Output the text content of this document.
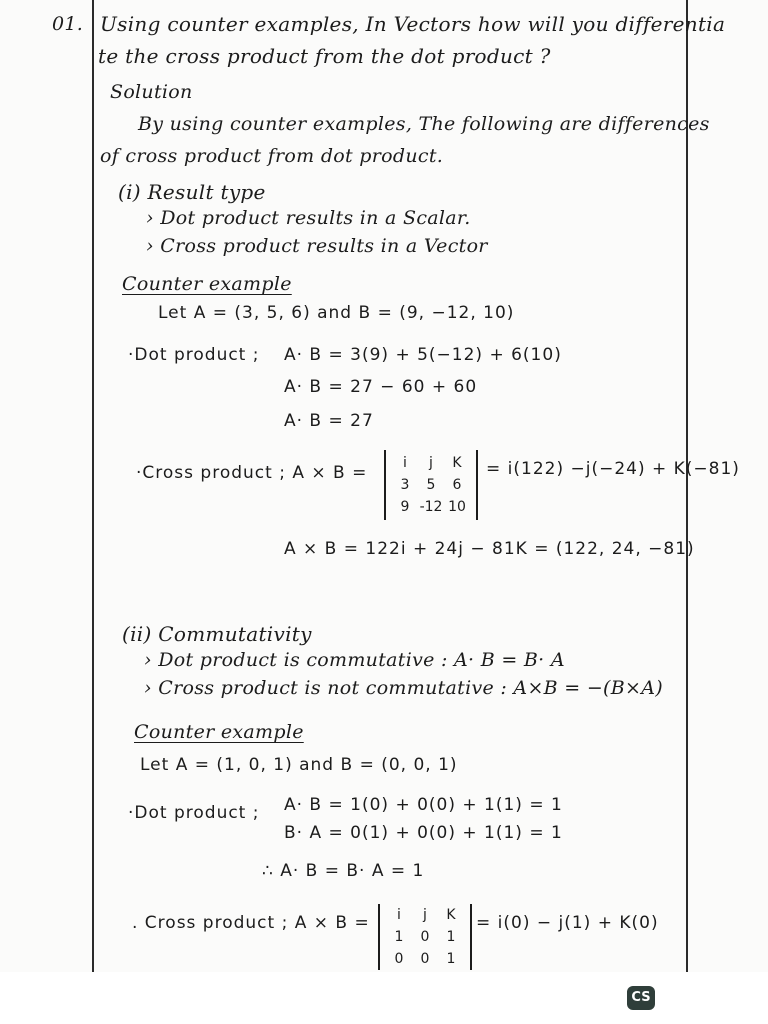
01. Using counter examples, In Vectors how will you differentia
te the cross product from the dot product ?
Solution
By using counter examples, The following are differences
of cross product from dot product.
(i) Result type
› Dot product results in a Scalar.
› Cross product results in a Vector
Counter example
Let A = (3, 5, 6) and B = (9, −12, 10)
·Dot product ; A· B = 3(9) + 5(−12) + 6(10)
A· B = 27 − 60 + 60
A· B = 27
·Cross product ; A × B =	i	j	K
3	5	6
9 -12 10
= i(122) −j(−24) + K(−81)
A × B = 122i + 24j − 81K = (122, 24, −81)
(ii) Commutativity
› Dot product is commutative : A· B = B· A
› Cross product is not commutative : A×B = −(B×A)
Counter example
Let A = (1, 0, 1) and B = (0, 0, 1)
·Dot product ; A· B = 1(0) + 0(0) + 1(1) = 1
B· A = 0(1) + 0(0) + 1(1) = 1
∴ A· B = B· A = 1
. Cross product ; A × B =	i	j	K
1	0	1
0	0	1
= i(0) − j(1) + K(0)
CS
